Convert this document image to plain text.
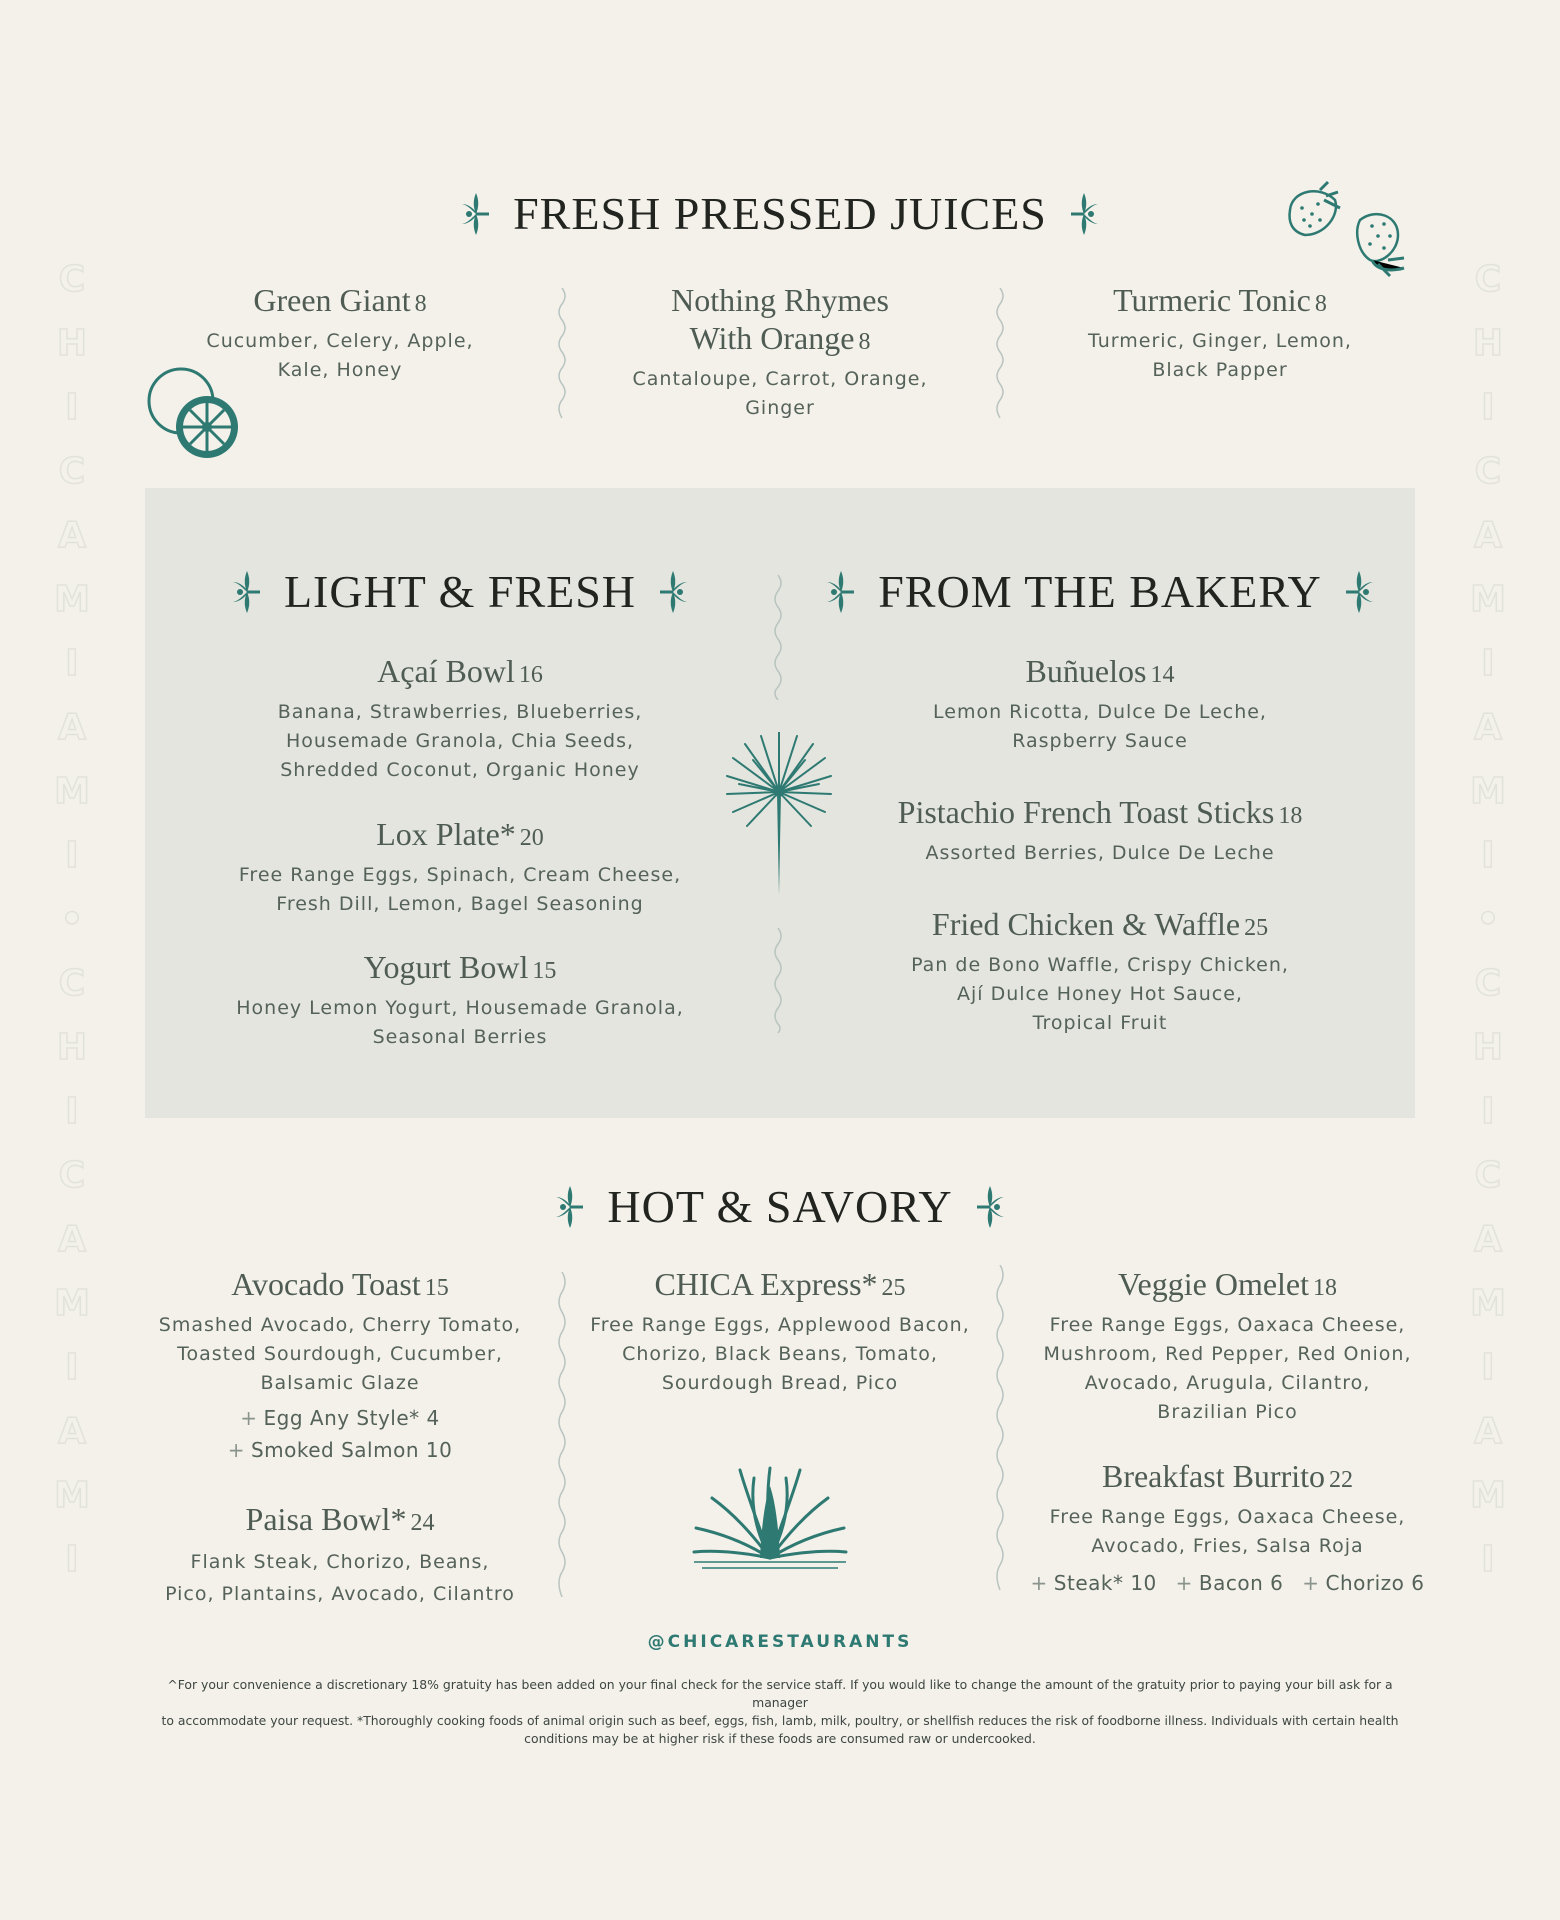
C
H
I
C
A
M
I
A
M
I
•
C
H
I
C
A
M
I
A
M
I
C
H
I
C
A
M
I
A
M
I
•
C
H
I
C
A
M
I
A
M
I
FRESH PRESSED JUICES
Green Giant 8
Cucumber, Celery, Apple,
Kale, Honey
Nothing Rhymes
With Orange 8
Cantaloupe, Carrot, Orange,
Ginger
Turmeric Tonic 8
Turmeric, Ginger, Lemon,
Black Papper
LIGHT & FRESH	FROM THE BAKERY
Açaí Bowl 16
Banana, Strawberries, Blueberries,
Housemade Granola, Chia Seeds,
Shredded Coconut, Organic Honey
Lox Plate* 20
Free Range Eggs, Spinach, Cream Cheese,
Fresh Dill, Lemon, Bagel Seasoning
Yogurt Bowl 15
Honey Lemon Yogurt, Housemade Granola,
Seasonal Berries
Buñuelos 14
Lemon Ricotta, Dulce De Leche,
Raspberry Sauce
Pistachio French Toast Sticks 18
Assorted Berries, Dulce De Leche
Fried Chicken & Waffle 25
Pan de Bono Waffle, Crispy Chicken,
Ají Dulce Honey Hot Sauce,
Tropical Fruit
HOT & SAVORY
Avocado Toast 15
Smashed Avocado, Cherry Tomato,
Toasted Sourdough, Cucumber,
Balsamic Glaze
+ Egg Any Style* 4
+ Smoked Salmon 10
Paisa Bowl* 24
Flank Steak, Chorizo, Beans,
Pico, Plantains, Avocado, Cilantro
CHICA Express* 25
Free Range Eggs, Applewood Bacon,
Chorizo, Black Beans, Tomato,
Sourdough Bread, Pico
Veggie Omelet 18
Free Range Eggs, Oaxaca Cheese,
Mushroom, Red Pepper, Red Onion,
Avocado, Arugula, Cilantro,
Brazilian Pico
Breakfast Burrito 22
Free Range Eggs, Oaxaca Cheese,
Avocado, Fries, Salsa Roja
+ Steak* 10 + Bacon 6 + Chorizo 6
@CHICARESTAURANTS
^For your convenience a discretionary 18% gratuity has been added on your final check for the service staff. If you would like to change the amount of the gratuity prior to paying your bill ask for a manager
to accommodate your request. *Thoroughly cooking foods of animal origin such as beef, eggs, fish, lamb, milk, poultry, or shellfish reduces the risk of foodborne illness. Individuals with certain health
conditions may be at higher risk if these foods are consumed raw or undercooked.
